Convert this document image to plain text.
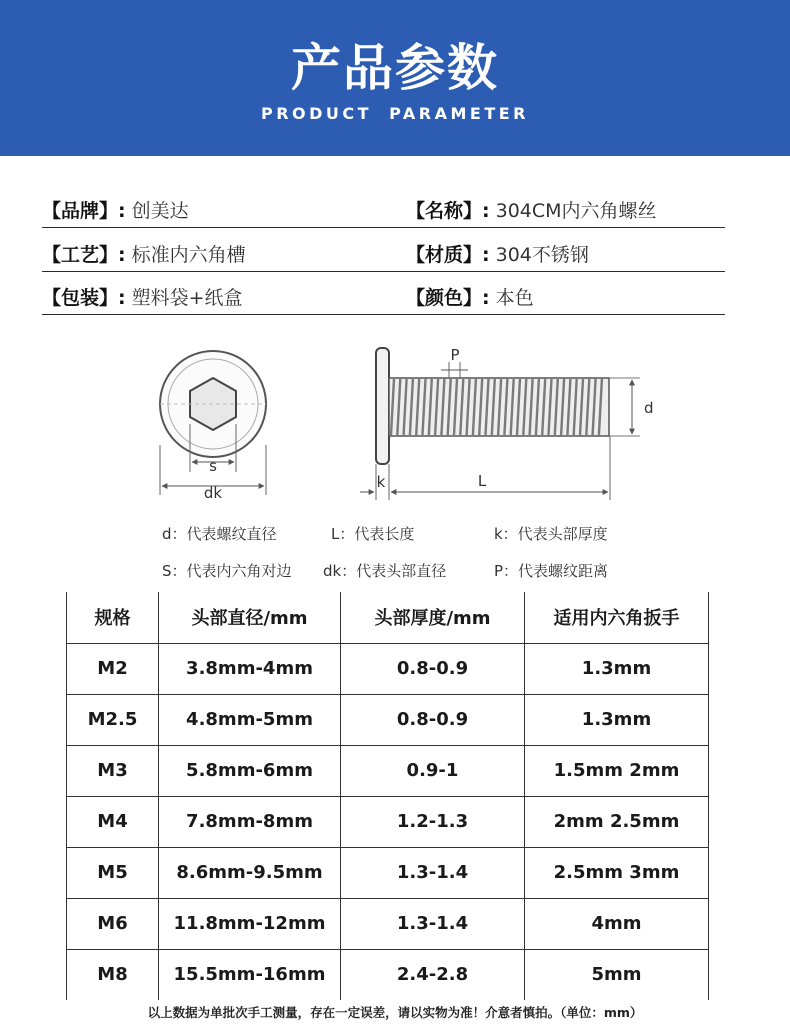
产品参数
PRODUCT PARAMETER
【品牌】: 创美达	【名称】: 304CM内六角螺丝
【工艺】: 标准内六角槽	【材质】: 304不锈钢
【包装】: 塑料袋+纸盒	【颜色】: 本色
s
dk
P
d
k	L
d：代表螺纹直径	L：代表长度	k：代表头部厚度
S：代表内六角对边 dk：代表头部直径	P：代表螺纹距离
规格	头部直径/mm	头部厚度/mm	适用内六角扳手
M2	3.8mm-4mm	0.8-0.9	1.3mm
M2.5	4.8mm-5mm	0.8-0.9	1.3mm
M3	5.8mm-6mm	0.9-1	1.5mm 2mm
M4	7.8mm-8mm	1.2-1.3	2mm 2.5mm
M5	8.6mm-9.5mm	1.3-1.4	2.5mm 3mm
M6	11.8mm-12mm	1.3-1.4	4mm
M8	15.5mm-16mm	2.4-2.8	5mm
以上数据为单批次手工测量，存在一定误差，请以实物为准！介意者慎拍。（单位：mm）
